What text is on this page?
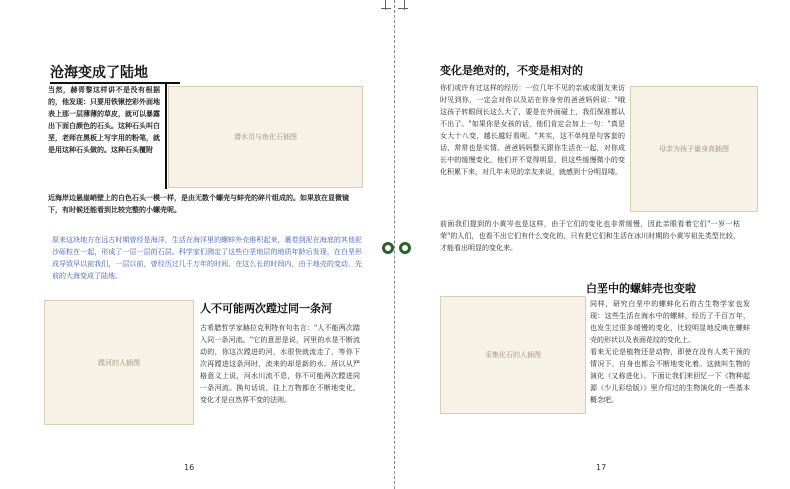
沧海变成了陆地
当然，赫胥黎这样讲不是没有根据的，他发现：只要用铁锹挖彩外面地表上那一层薄薄的草皮，就可以暴露出下面白颜色的石头。这种石头叫白垩，老师在黑板上写字用的粉笔，就是用这种石头做的。这种石头覆附
潜水员与鱼化石插图
近海岸边悬崖峭壁上的白色石头一模一样，是由无数个螺壳与蚌壳的碎片组成的。如果放在显微镜下，有时候还能看到比较完整的小螺壳呢。
原来这块地方在远古时期曾经是海洋，生活在海洋里的螺蚌外壳堆积起来，裹卷到泥在海底的其他泥沙砾粒在一起，形成了一层一层的石层。科学家们测定了这些白垩地层的地质年龄后发现，在白垩形成导致早以前我们，一层以前，曾经历过几千万年的时间，在这么长的时间内，由于地壳的变动，先前的大海变成了陆地。
蹚河的人插图
人不可能两次蹚过同一条河
古希腊哲学家赫拉克利特有句名言："人不能两次踏入同一条河流。"它的意思是说，河里的水是不断流动的，你这次蹚进的河，水很快就流走了，等你下次再蹚进这条河时，流来的却是新的水。所以从严格意义上说，河水川流不息，你不可能两次蹚进同一条河流。换句话说，往上万物都在不断地变化，变化才是自然界不变的法则。
16
变化是绝对的，不变是相对的
你们或许有过这样的经历：一位几年不见的亲戚或朋友来访时见到你，一定会对你以及站在你身旁的爸爸妈妈说："哦这孩子转眼间长这么大了，要是在外面碰上，我们保准都认不出了。"如果你是女孩的话，他们肯定会加上一句："真是女大十八变，越长越好看呢。"其实，这不单纯是句客套的话，常常也是实情。爸爸妈妈整天跟你生活在一起，对你成长中的缓慢变化，他们并不觉得明显，但这些缓慢微小的变化积累下来，对几年未见的亲友来说，就感到十分明显喽。
母亲为孩子量身高插图
前面我们提到的小黄岑也是这样，由于它们的变化也非常缓慢，因此亲眼看着它们"一岁一枯荣"的人们，也看不出它们有什么变化的，只有把它们和生活在冰川时期的小黄岑祖先类型比较，才能看出明显的变化来。
白垩中的螺蚌壳也变啦
采集化石的人插图
同样，研究白垩中的螺蚌化石的古生物学家也发现：这些生活在海水中的螺蚌，经历了千百万年，也发生过很多缓慢的变化，比较明显地反映在螺蚌壳的形状以及表面花纹的变化上。
看来无论是植物还是动物，即使在没有人类干预的情况下，自身也都会不断地变化着。这就叫生物的演化（又称进化）。下面让我们来回忆一下《物种起源（少儿彩绘版）》里介绍过的生物演化的一些基本概念吧。
17
